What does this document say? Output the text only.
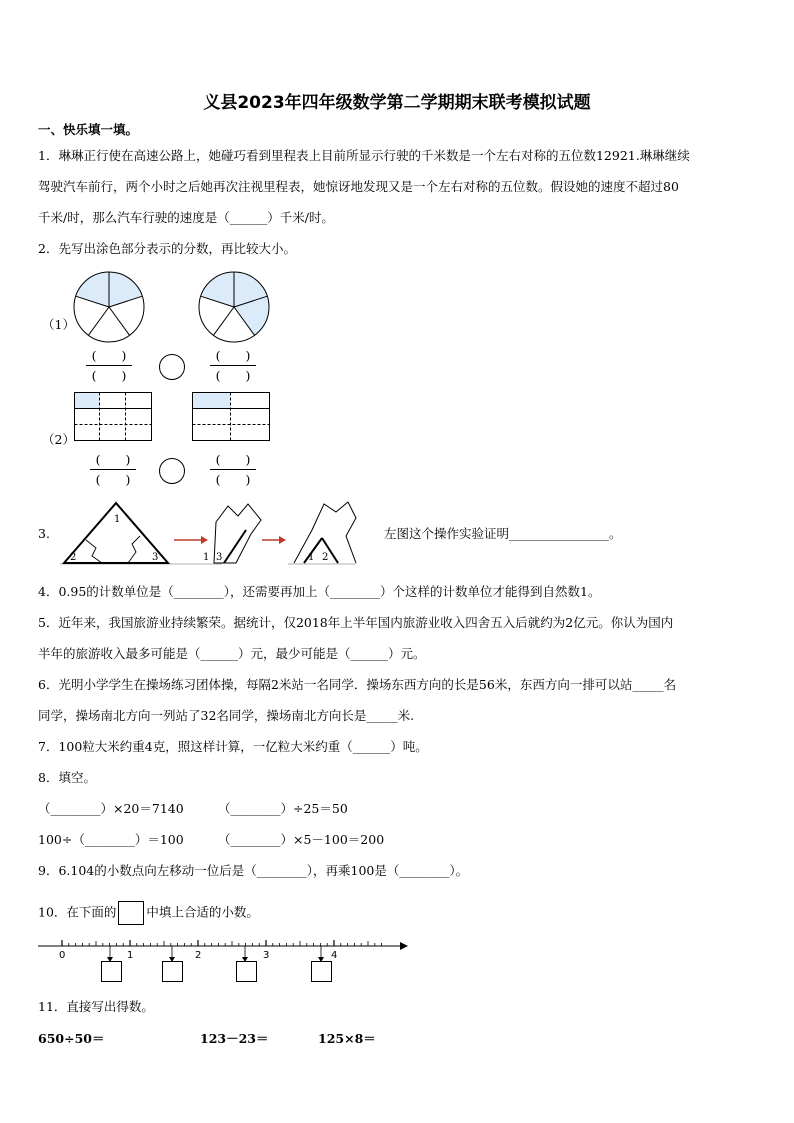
义县2023年四年级数学第二学期期末联考模拟试题
一、快乐填一填。
1．琳琳正行使在高速公路上，她碰巧看到里程表上目前所显示行驶的千米数是一个左右对称的五位数12921.琳琳继续
驾驶汽车前行，两个小时之后她再次注视里程表，她惊讶地发现又是一个左右对称的五位数。假设她的速度不超过80
千米/时，那么汽车行驶的速度是（______）千米/时。
2．先写出涂色部分表示的分数，再比较大小。
（1）
(　　)
(　　)
(　　)
(　　)
（2）
(　　)
(　　)
(　　)
(　　)
3.
1
2	3	1 3	1 2
左图这个操作实验证明________________。
4．0.95的计数单位是（________），还需要再加上（________）个这样的计数单位才能得到自然数1。
5．近年来，我国旅游业持续繁荣。据统计，仅2018年上半年国内旅游业收入四舍五入后就约为2亿元。你认为国内
半年的旅游收入最多可能是（______）元，最少可能是（______）元。
6．光明小学学生在操场练习团体操，每隔2米站一名同学．操场东西方向的长是56米，东西方向一排可以站_____名
同学，操场南北方向一列站了32名同学，操场南北方向长是_____米.
7．100粒大米约重4克，照这样计算，一亿粒大米约重（______）吨。
8．填空。
（________）×20＝7140	（________）÷25＝50
100÷（________）＝100	（________）×5－100＝200
9．6.104的小数点向左移动一位后是（________），再乘100是（________）。
10．在下面的 中填上合适的小数。
0	1	2	3	4
11．直接写出得数。
650÷50＝	123－23＝	125×8＝
